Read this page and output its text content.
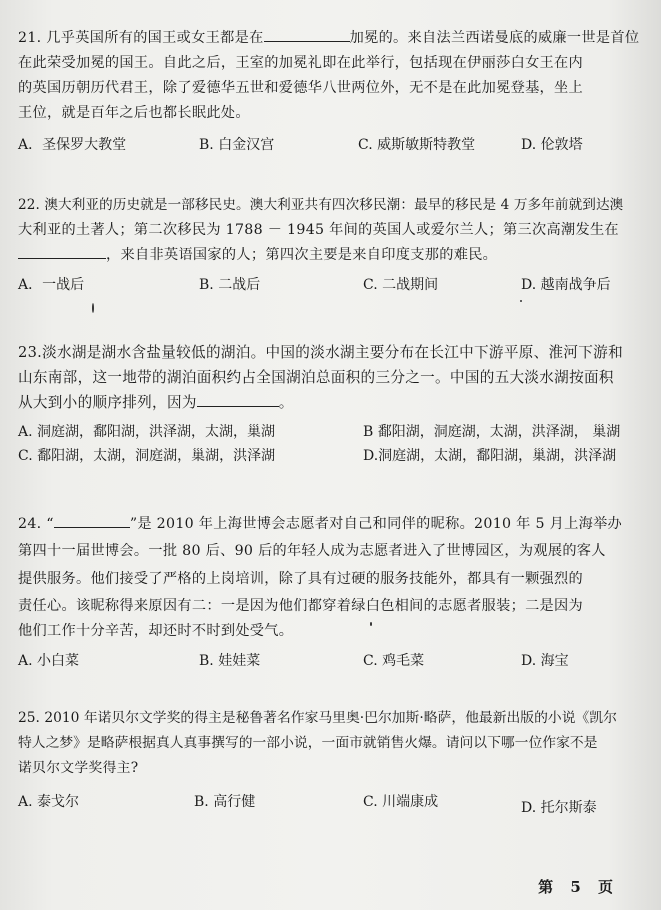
21. 几乎英国所有的国王或女王都是在	加冕的。来自法兰西诺曼底的威廉一世是首位
在此荣受加冕的国王。自此之后，王室的加冕礼即在此举行，包括现在伊丽莎白女王在内
的英国历朝历代君王，除了爱德华五世和爱德华八世两位外，无不是在此加冕登基，坐上
王位，就是百年之后也都长眠此处。
A．圣保罗大教堂	B. 白金汉宫	C. 威斯敏斯特教堂	D. 伦敦塔
22. 澳大利亚的历史就是一部移民史。澳大利亚共有四次移民潮：最早的移民是 4 万多年前就到达澳
大利亚的土著人；第二次移民为 1788 － 1945 年间的英国人或爱尔兰人；第三次高潮发生在
，来自非英语国家的人；第四次主要是来自印度支那的难民。
A．一战后	B. 二战后	C. 二战期间	D. 越南战争后
23.淡水湖是湖水含盐量较低的湖泊。中国的淡水湖主要分布在长江中下游平原、淮河下游和
山东南部，这一地带的湖泊面积约占全国湖泊总面积的三分之一。中国的五大淡水湖按面积
从大到小的顺序排列，因为	。
A. 洞庭湖，鄱阳湖，洪泽湖，太湖，巢湖	B 鄱阳湖，洞庭湖，太湖，洪泽湖， 巢湖
C. 鄱阳湖，太湖，洞庭湖，巢湖，洪泽湖	D.洞庭湖，太湖，鄱阳湖，巢湖，洪泽湖
24. “	”是 2010 年上海世博会志愿者对自己和同伴的昵称。2010 年 5 月上海举办
第四十一届世博会。一批 80 后、90 后的年轻人成为志愿者进入了世博园区，为观展的客人
提供服务。他们接受了严格的上岗培训，除了具有过硬的服务技能外，都具有一颗强烈的
责任心。该昵称得来原因有二：一是因为他们都穿着绿白色相间的志愿者服装；二是因为
他们工作十分辛苦，却还时不时到处受气。
A. 小白菜	B. 娃娃菜	C. 鸡毛菜	D. 海宝
25. 2010 年诺贝尔文学奖的得主是秘鲁著名作家马里奥·巴尔加斯·略萨，他最新出版的小说《凯尔
特人之梦》是略萨根据真人真事撰写的一部小说，一面市就销售火爆。请问以下哪一位作家不是
诺贝尔文学奖得主?
A. 泰戈尔	B. 高行健	C. 川端康成	D. 托尔斯泰
第 5 页
